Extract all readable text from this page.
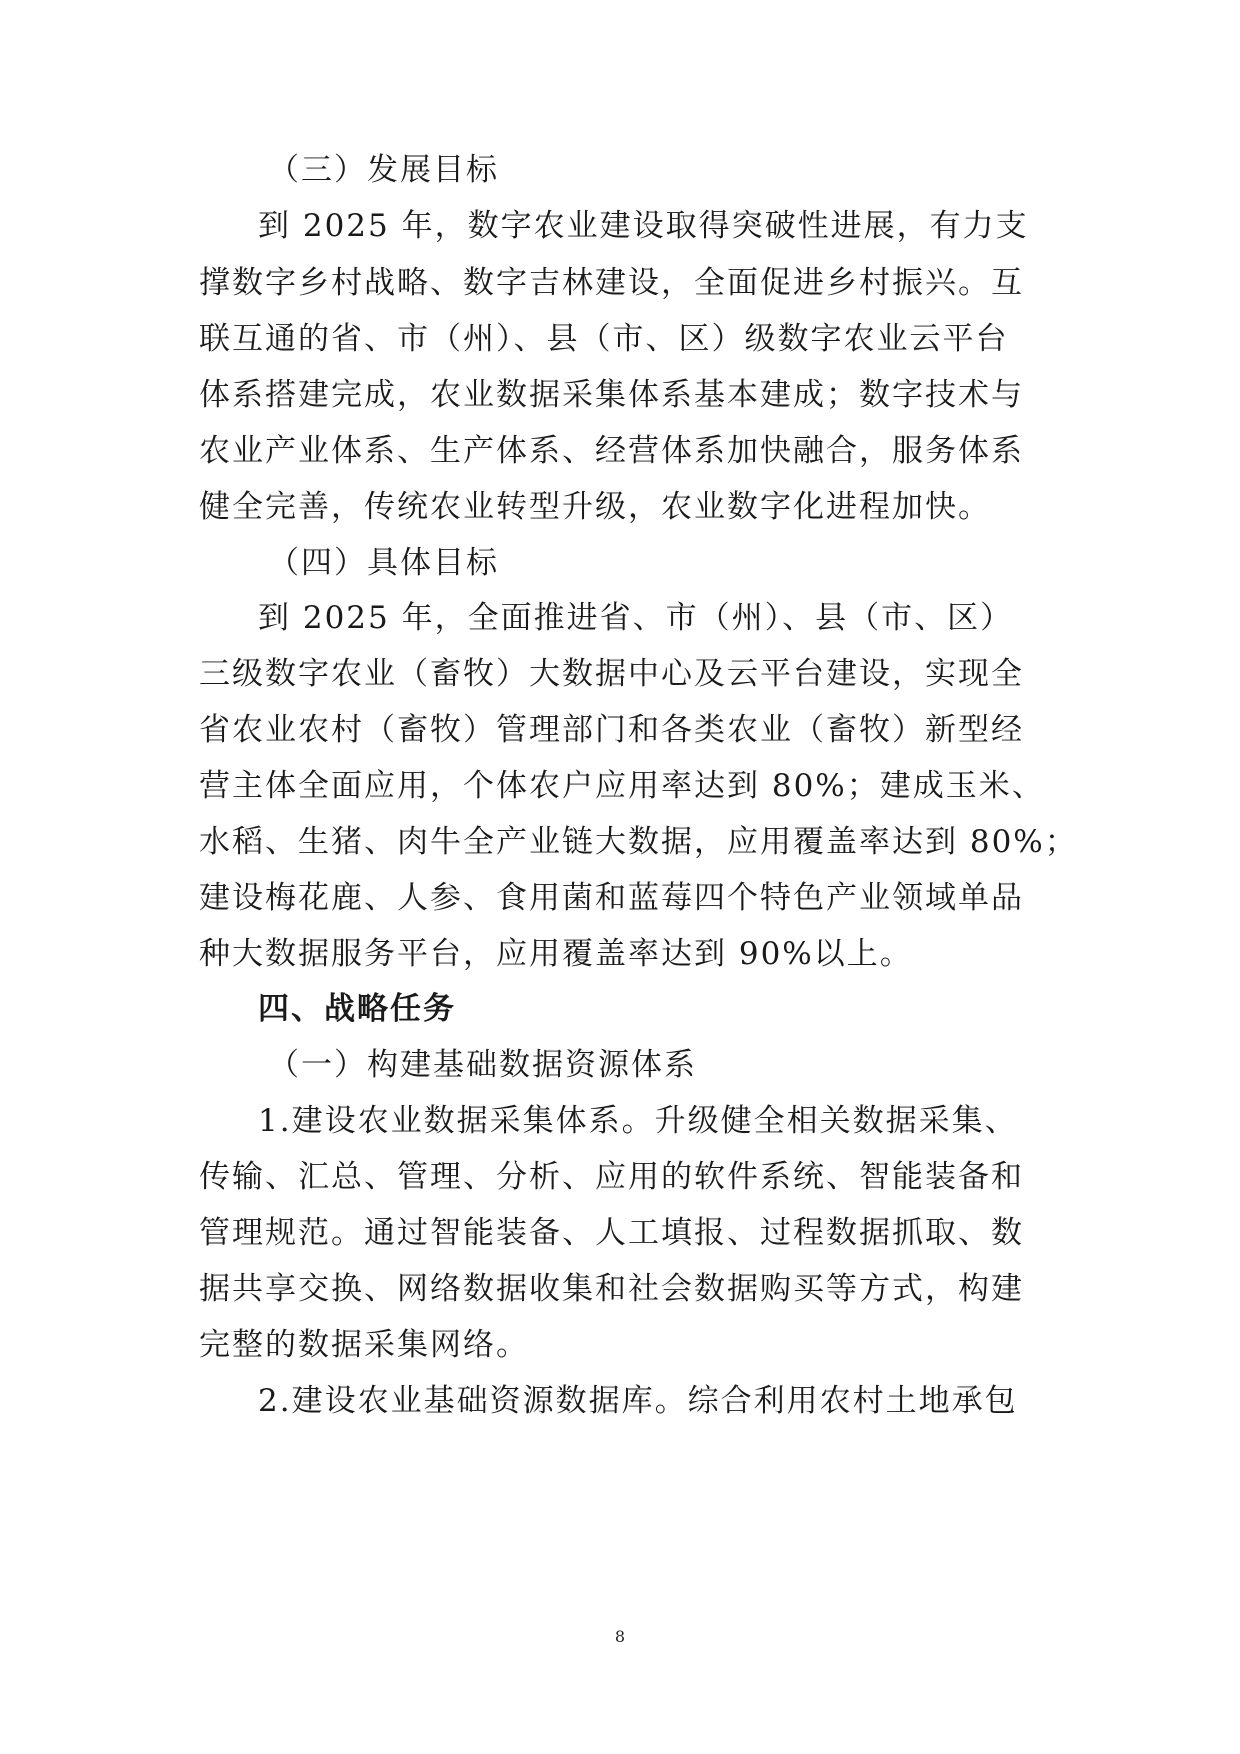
（三）发展目标
到 2025 年，数字农业建设取得突破性进展，有力支
撑数字乡村战略、数字吉林建设，全面促进乡村振兴。互
联互通的省、市（州）、县（市、区）级数字农业云平台
体系搭建完成，农业数据采集体系基本建成；数字技术与
农业产业体系、生产体系、经营体系加快融合，服务体系
健全完善，传统农业转型升级，农业数字化进程加快。
（四）具体目标
到 2025 年，全面推进省、市（州）、县（市、区）
三级数字农业（畜牧）大数据中心及云平台建设，实现全
省农业农村（畜牧）管理部门和各类农业（畜牧）新型经
营主体全面应用，个体农户应用率达到 80%；建成玉米、
水稻、生猪、肉牛全产业链大数据，应用覆盖率达到 80%；
建设梅花鹿、人参、食用菌和蓝莓四个特色产业领域单品
种大数据服务平台，应用覆盖率达到 90%以上。
四、战略任务
（一）构建基础数据资源体系
1.建设农业数据采集体系。升级健全相关数据采集、
传输、汇总、管理、分析、应用的软件系统、智能装备和
管理规范。通过智能装备、人工填报、过程数据抓取、数
据共享交换、网络数据收集和社会数据购买等方式，构建
完整的数据采集网络。
2.建设农业基础资源数据库。综合利用农村土地承包
8
